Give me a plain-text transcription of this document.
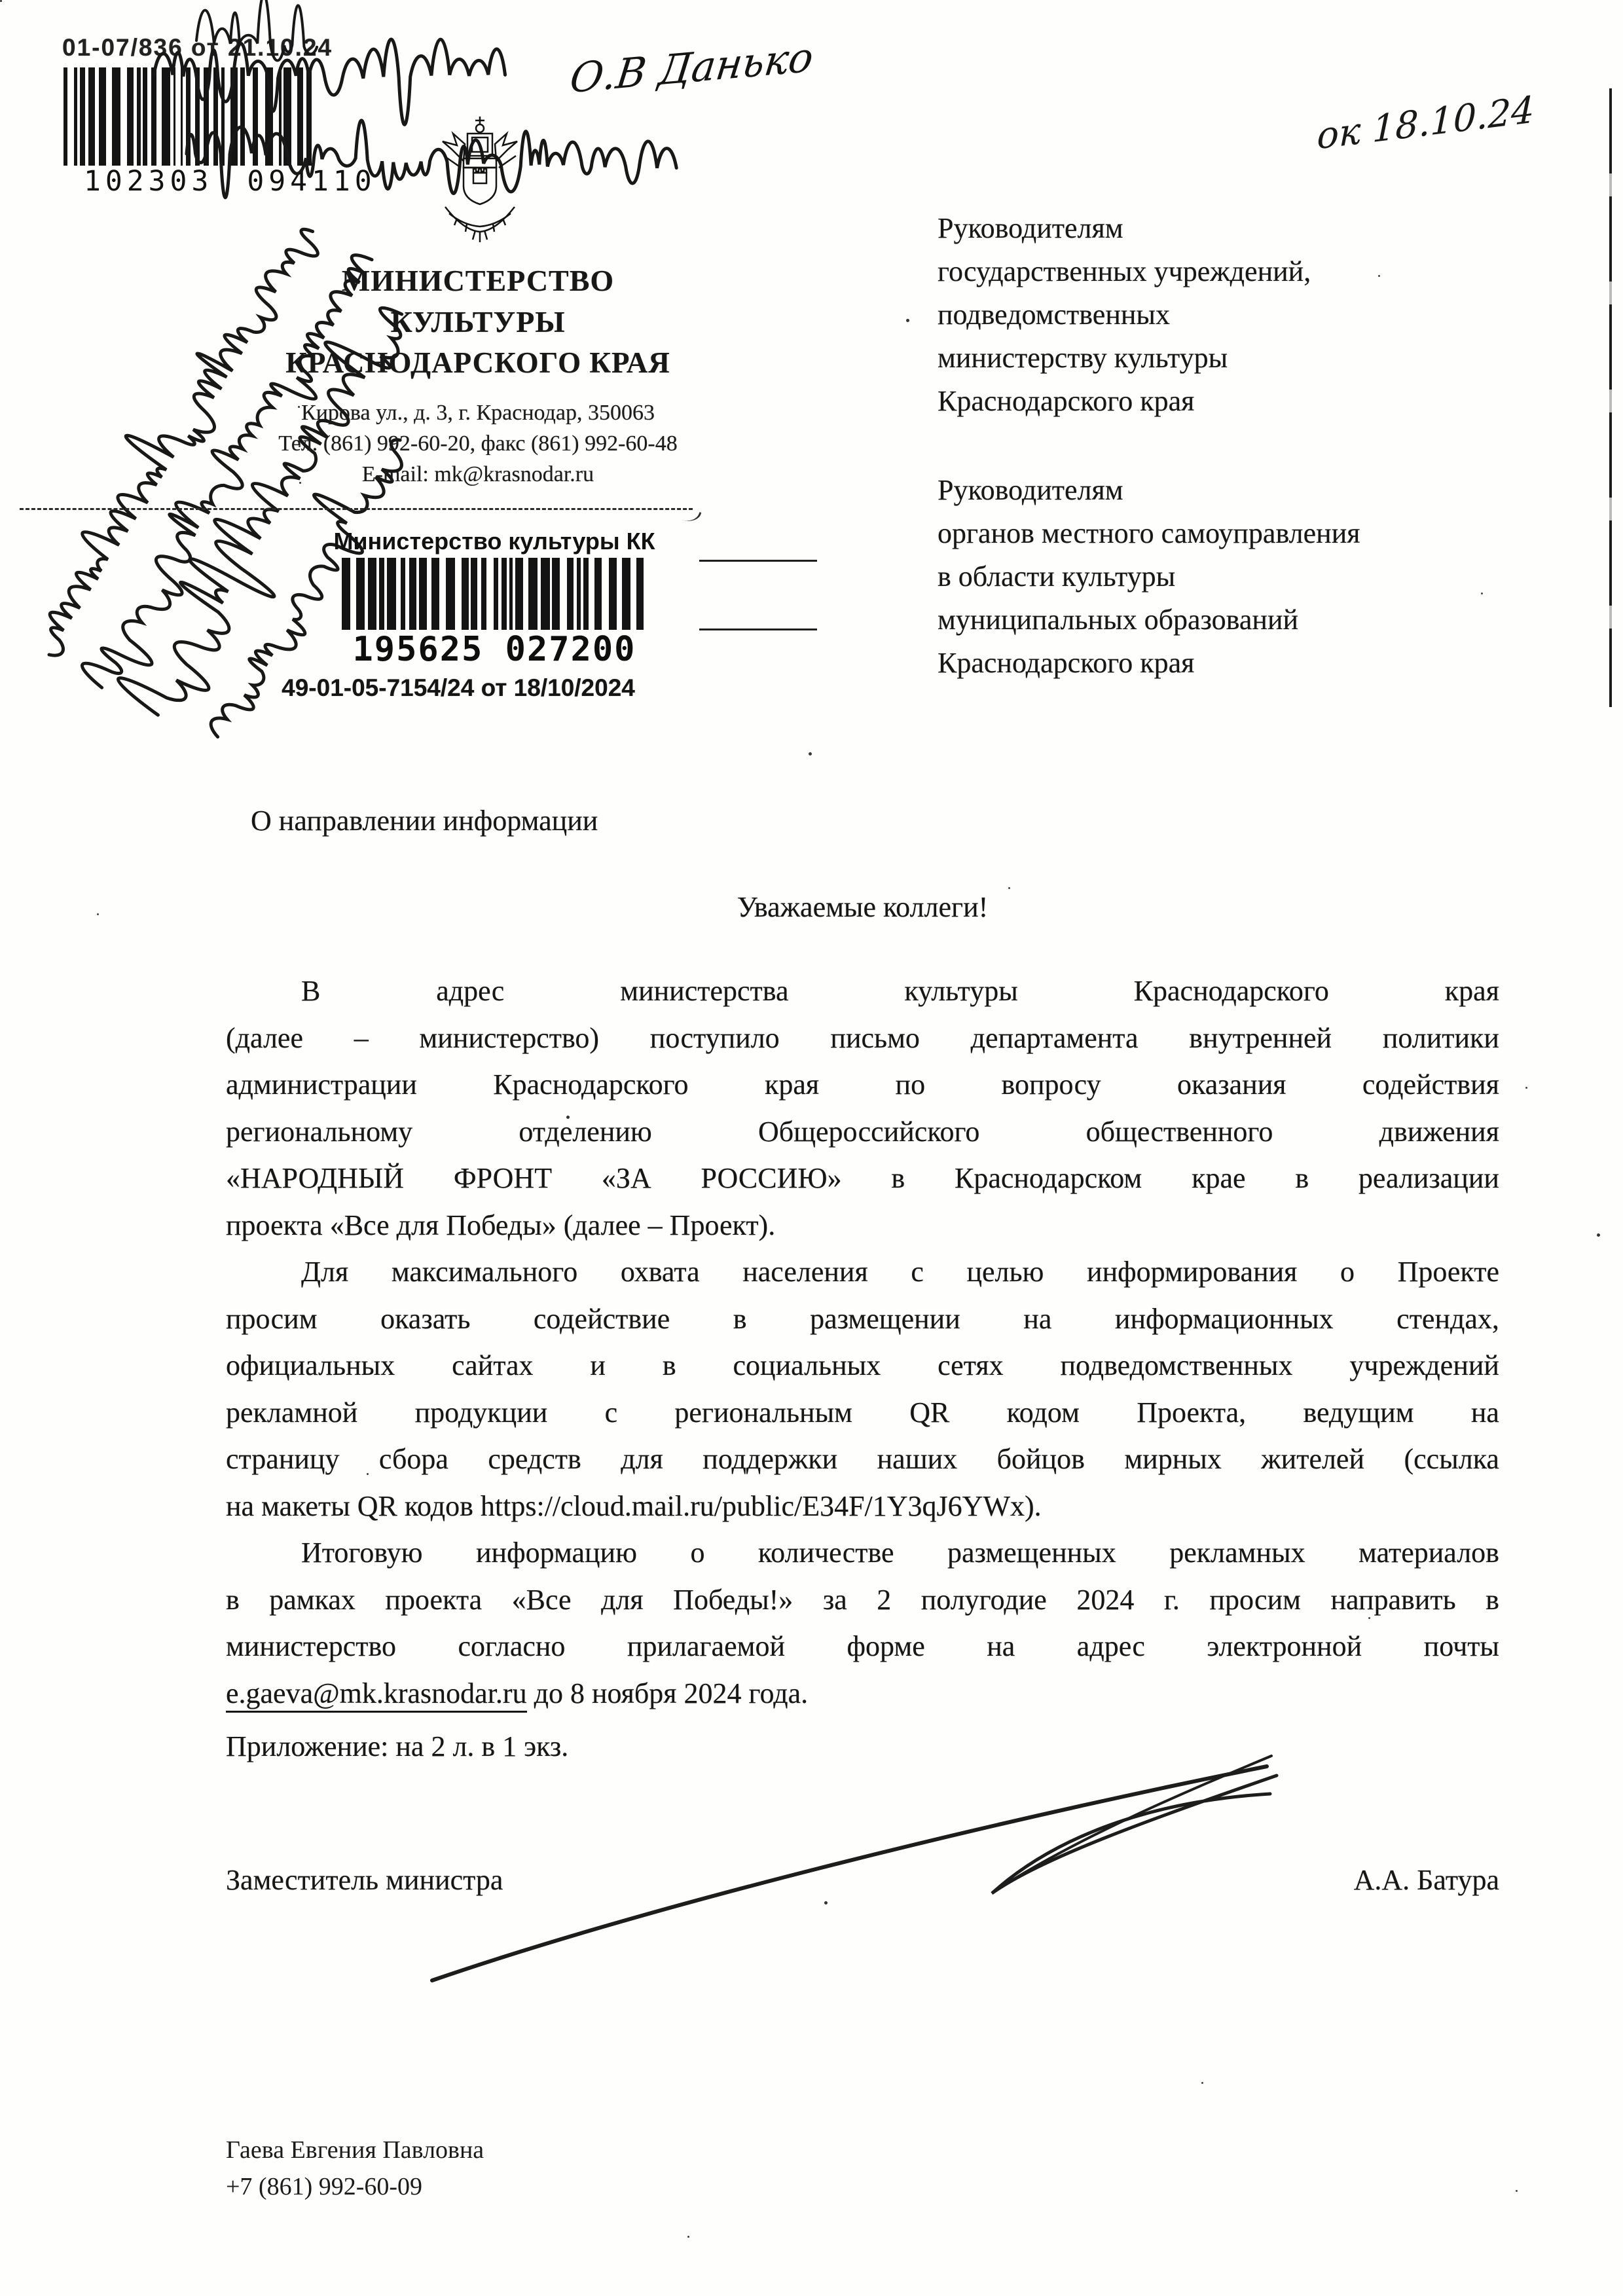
01-07/836 от 21.10.24
102303 094110
О.В Данько
ок 18.10.24
МИНИСТЕРСТВО
КУЛЬТУРЫ
КРАСНОДАРСКОГО КРАЯ
Кирова ул., д. 3, г. Краснодар, 350063
Тел. (861) 992-60-20, факс (861) 992-60-48
E-mail: mk@krasnodar.ru
Министерство культуры КК
195625 027200
49-01-05-7154/24 от 18/10/2024
Руководителям
государственных учреждений,
подведомственных
министерству культуры
Краснодарского края
Руководителям
органов местного самоуправления
в области культуры
муниципальных образований
Краснодарского края
О направлении информации
Уважаемые коллеги!
В	адрес	министерства	культуры	Краснодарского	края
(далее – министерство) поступило письмо департамента внутренней политики
администрации	Краснодарского	края	по	вопросу	оказания	содействия
региональному	отделению	Общероссийского	общественного	движения
«НАРОДНЫЙ ФРОНТ «ЗА РОССИЮ» в Краснодарском крае в реализации
проекта «Все для Победы» (далее – Проект).
Для максимального охвата населения с целью информирования о Проекте
просим оказать содействие в размещении на информационных стендах,
официальных сайтах и в социальных сетях подведомственных учреждений
рекламной продукции с региональным QR кодом Проекта, ведущим на
страницу сбора средств для поддержки наших бойцов мирных жителей (ссылка
на макеты QR кодов https://cloud.mail.ru/public/E34F/1Y3qJ6YWx).
Итоговую информацию о количестве размещенных рекламных материалов
в рамках проекта «Все для Победы!» за 2 полугодие 2024 г. просим направить в
министерство согласно прилагаемой форме на адрес электронной почты
e.gaeva@mk.krasnodar.ru до 8 ноября 2024 года.
Приложение: на 2 л. в 1 экз.
Заместитель министра	А.А. Батура
Гаева Евгения Павловна
+7 (861) 992-60-09
